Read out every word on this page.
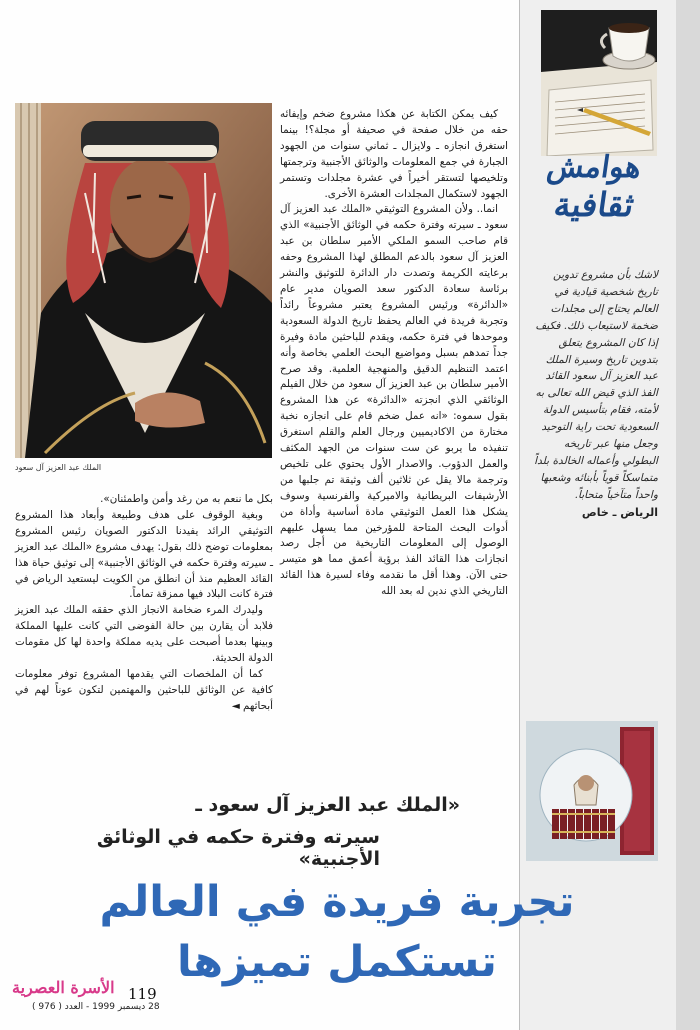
هوامش
ثقافية
لاشك بأن مشروع تدوين تاريخ شخصية قيادية في العالم يحتاج إلى مجلدات ضخمة لاستيعاب ذلك. فكيف إذا كان المشروع يتعلق بتدوين تاريخ وسيرة الملك عبد العزيز آل سعود القائد الفذ الذي قيض الله تعالى به لأمته، فقام بتأسيس الدولة السعودية تحت راية التوحيد وجعل منها عبر تاريخه البطولي وأعماله الخالدة بلداً متماسكاً قوياً بأبنائه وشعبها واحداً متآخياً متحاباً.
الرياض ـ خاص
الملك عبد العزيز آل سعود

كيف يمكن الكتابة عن هكذا مشروع ضخم وإيفائه حقه من خلال صفحة في صحيفة أو مجلة؟! بينما استغرق انجازه ـ ولايزال ـ ثماني سنوات من الجهود الجبارة في جمع المعلومات والوثائق الأجنبية وترجمتها وتلخيصها لتستقر أخيراً في عشرة مجلدات وتستمر الجهود لاستكمال المجلدات العشرة الأخرى.

انما.. ولأن المشروع التوثيقي «الملك عبد العزيز آل سعود ـ سيرته وفترة حكمه في الوثائق الأجنبية» الذي قام صاحب السمو الملكي الأمير سلطان بن عبد العزيز آل سعود بالدعم المطلق لهذا المشروع وحفه برعايته الكريمة وتصدت دار الدائرة للتوثيق والنشر برئاسة سعادة الدكتور سعد الصويان مدير عام «الدائرة» ورئيس المشروع يعتبر مشروعاً رائداً وتجربة فريدة في العالم يحفظ تاريخ الدولة السعودية وموحدها في فترة حكمه، ويقدم للباحثين مادة وفيرة جداً تمدهم بسبل ومواضيع البحث العلمي بخاصة وأنه اعتمد التنظيم الدقيق والمنهجية العلمية. وقد صرح الأمير سلطان بن عبد العزيز آل سعود من خلال الفيلم الوثائقي الذي انجزته «الدائرة» عن هذا المشروع بقول سموه: «انه عمل ضخم قام على انجازه نخبة مختارة من الاكاديميين ورجال العلم والقلم استغرق تنفيذه ما يربو عن ست سنوات من الجهد المكثف والعمل الدؤوب. والاصدار الأول يحتوي على تلخيص وترجمة مالا يقل عن ثلاثين ألف وثيقة تم جلبها من الأرشيفات البريطانية والاميركية والفرنسية وسوف يشكل هذا العمل التوثيقي مادة أساسية وأداة من أدوات البحث المتاحة للمؤرخين مما يسهل عليهم الوصول إلى المعلومات التاريخية من أجل رصد انجازات هذا القائد الفذ برؤية أعمق مما هو متيسر حتى الآن. وهذا أقل ما نقدمه وفاء لسيرة هذا القائد التاريخي الذي ندين له بعد الله

بكل ما ننعم به من رغد وأمن واطمئنان».

وبغية الوقوف على هدف وطبيعة وأبعاد هذا المشروع التوثيقي الرائد يفيدنا الدكتور الصويان رئيس المشروع بمعلومات توضح ذلك بقول: يهدف مشروع «الملك عبد العزيز ـ سيرته وفترة حكمه في الوثائق الأجنبية» إلى توثيق حياة هذا القائد العظيم منذ أن انطلق من الكويت ليستعيد الرياض في فترة كانت البلاد فيها ممزقة تماماً.

وليدرك المرء ضخامة الانجاز الذي حققه الملك عبد العزيز فلابد أن يقارن بين حالة الفوضى التي كانت عليها المملكة وبينها بعدما أصبحت على يديه مملكة واحدة لها كل مقومات الدولة الحديثة.

كما أن الملخصات التي يقدمها المشروع توفر معلومات كافية عن الوثائق للباحثين والمهتمين لتكون عوناً لهم في أبحاثهم ◄

«الملك عبد العزيز آل سعود ـ
سيرته وفترة حكمه في الوثائق الأجنبية»
تجربة فريدة في العالم تستكمل تميزها
الأسرة العصرية 119
28 ديسمبر 1999 - العدد ( 976 )
